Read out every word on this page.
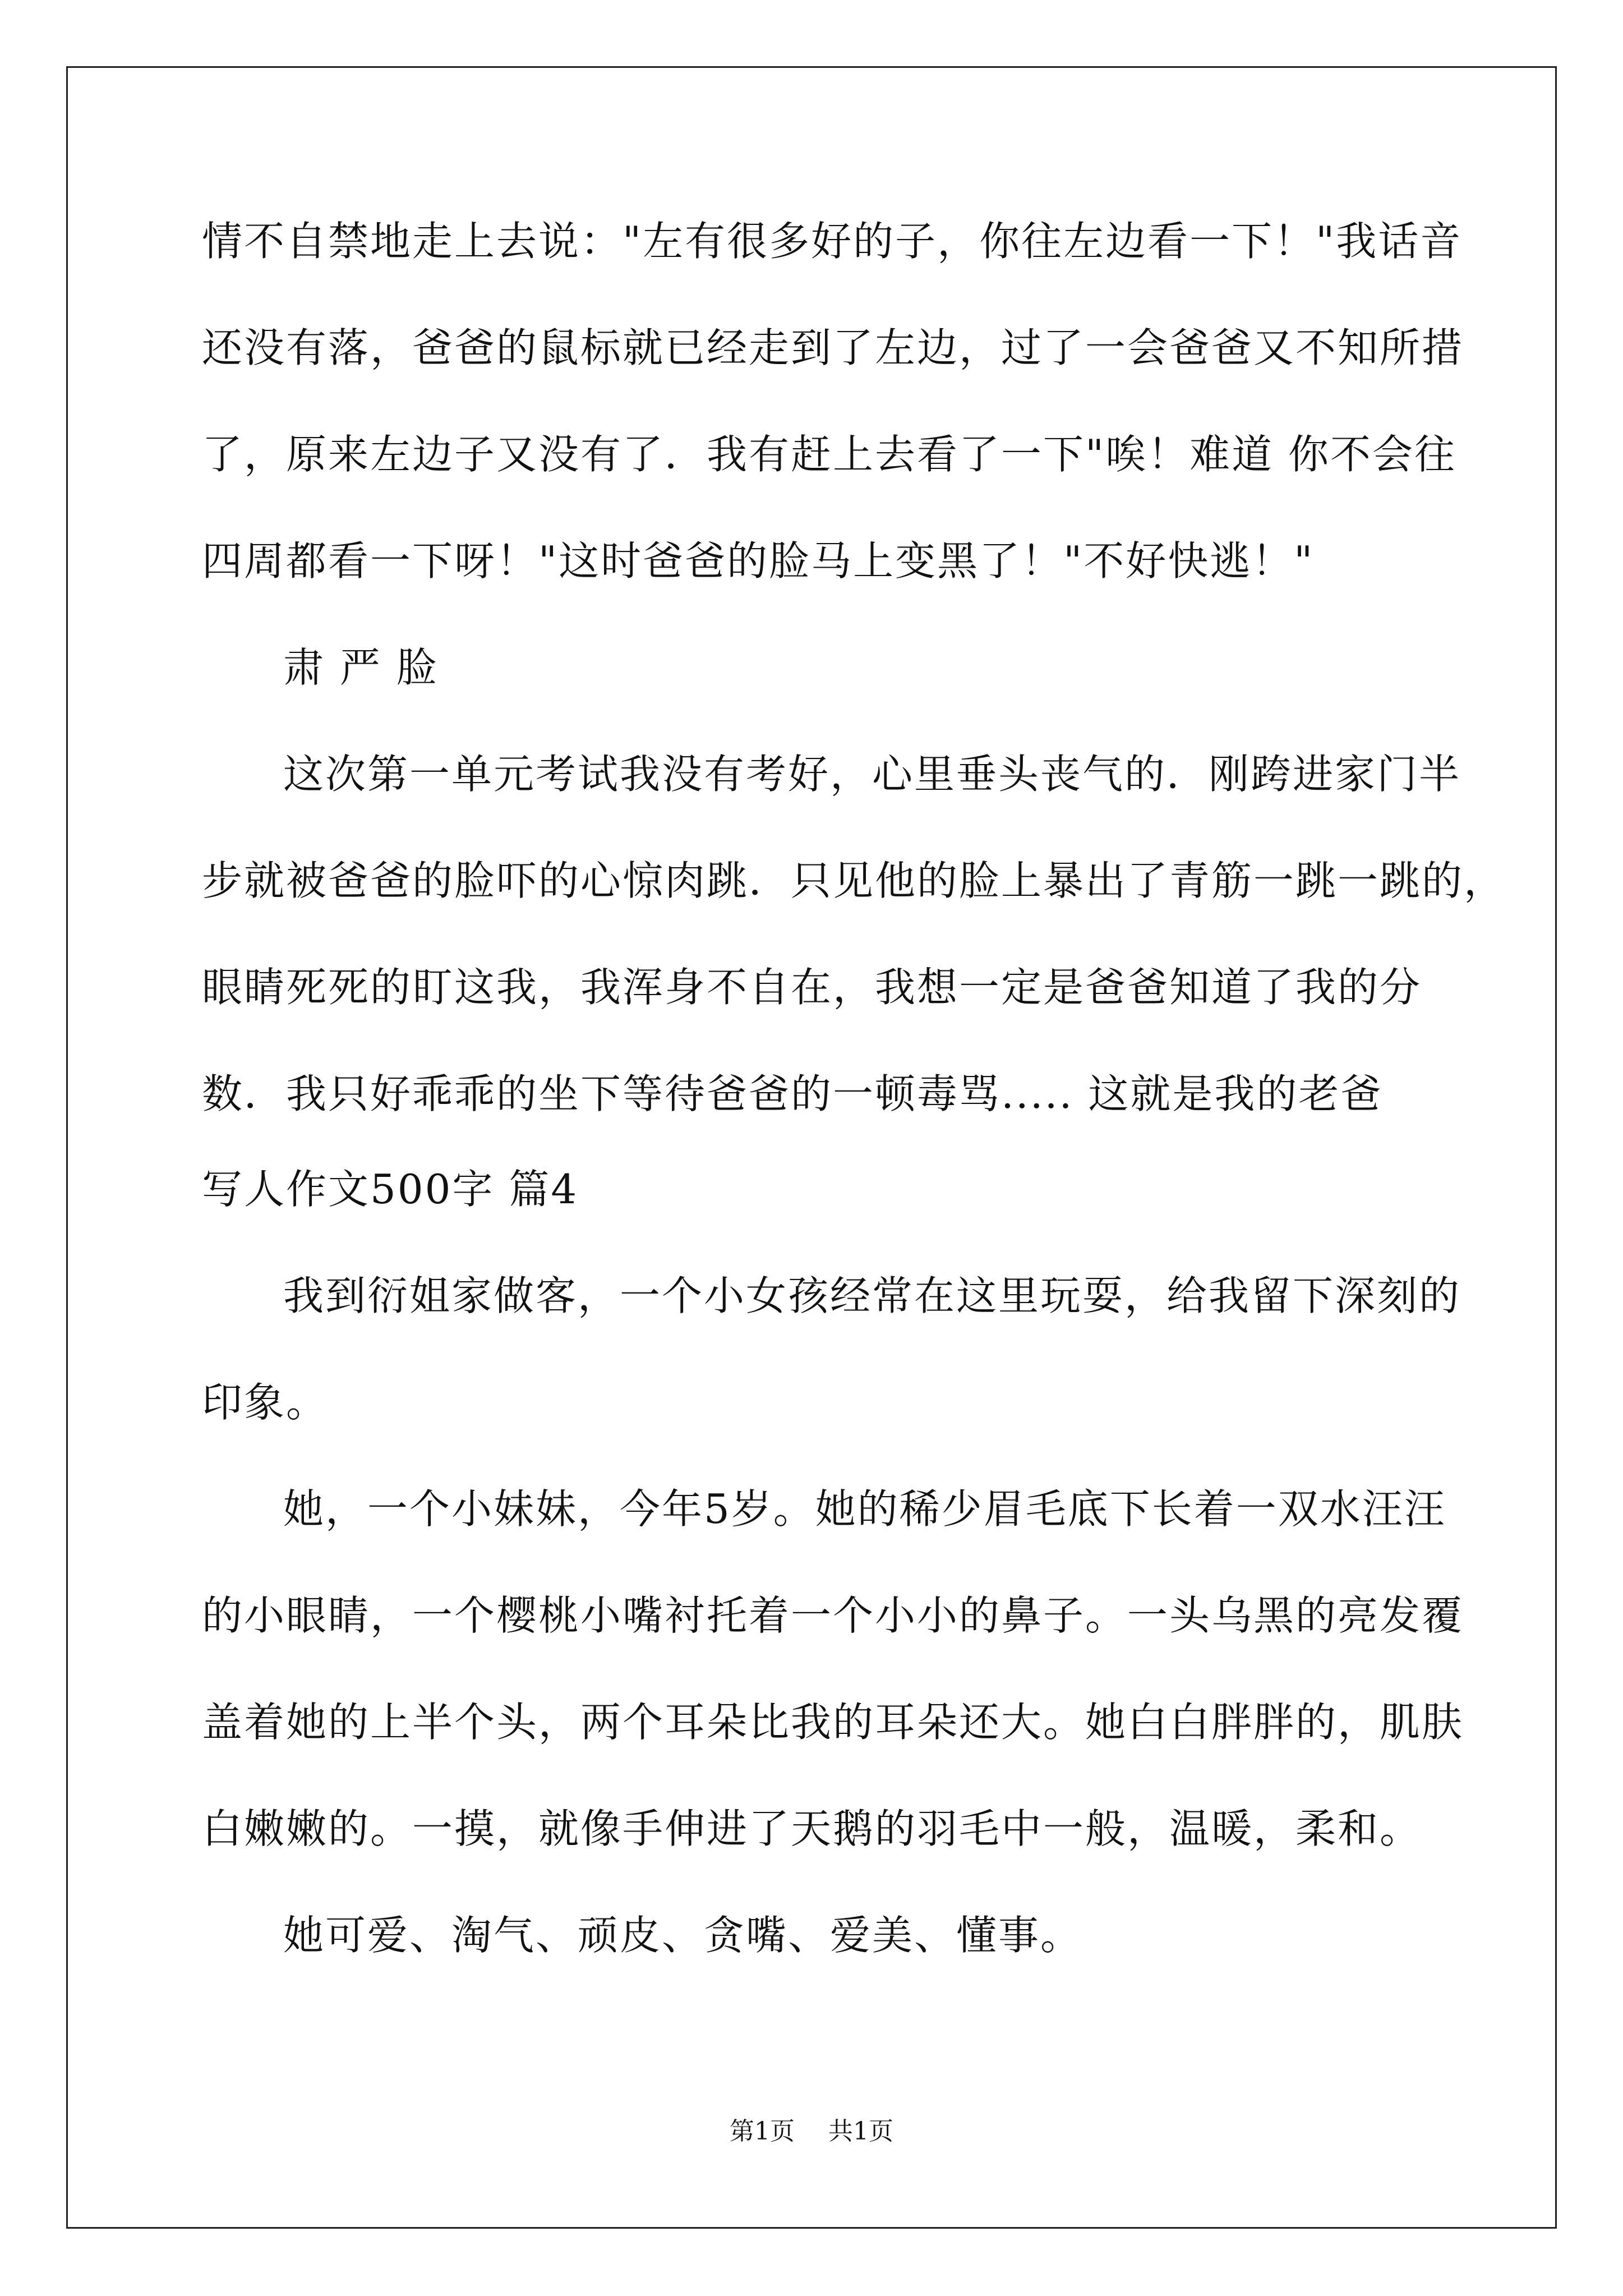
情不自禁地走上去说："左有很多好的子，你往左边看一下！"我话音
还没有落，爸爸的鼠标就已经走到了左边，过了一会爸爸又不知所措
了，原来左边子又没有了．我有赶上去看了一下"唉！难道 你不会往
四周都看一下呀！"这时爸爸的脸马上变黑了！"不好快逃！"
肃 严 脸
这次第一单元考试我没有考好，心里垂头丧气的．刚跨进家门半
步就被爸爸的脸吓的心惊肉跳．只见他的脸上暴出了青筋一跳一跳的，
眼睛死死的盯这我，我浑身不自在，我想一定是爸爸知道了我的分
数．我只好乖乖的坐下等待爸爸的一顿毒骂..... 这就是我的老爸
写人作文500字 篇4
我到衍姐家做客，一个小女孩经常在这里玩耍，给我留下深刻的
印象。
她，一个小妹妹，今年5岁。她的稀少眉毛底下长着一双水汪汪
的小眼睛，一个樱桃小嘴衬托着一个小小的鼻子。一头乌黑的亮发覆
盖着她的上半个头，两个耳朵比我的耳朵还大。她白白胖胖的，肌肤
白嫩嫩的。一摸，就像手伸进了天鹅的羽毛中一般，温暖，柔和。
她可爱、淘气、顽皮、贪嘴、爱美、懂事。
第1页 共1页
